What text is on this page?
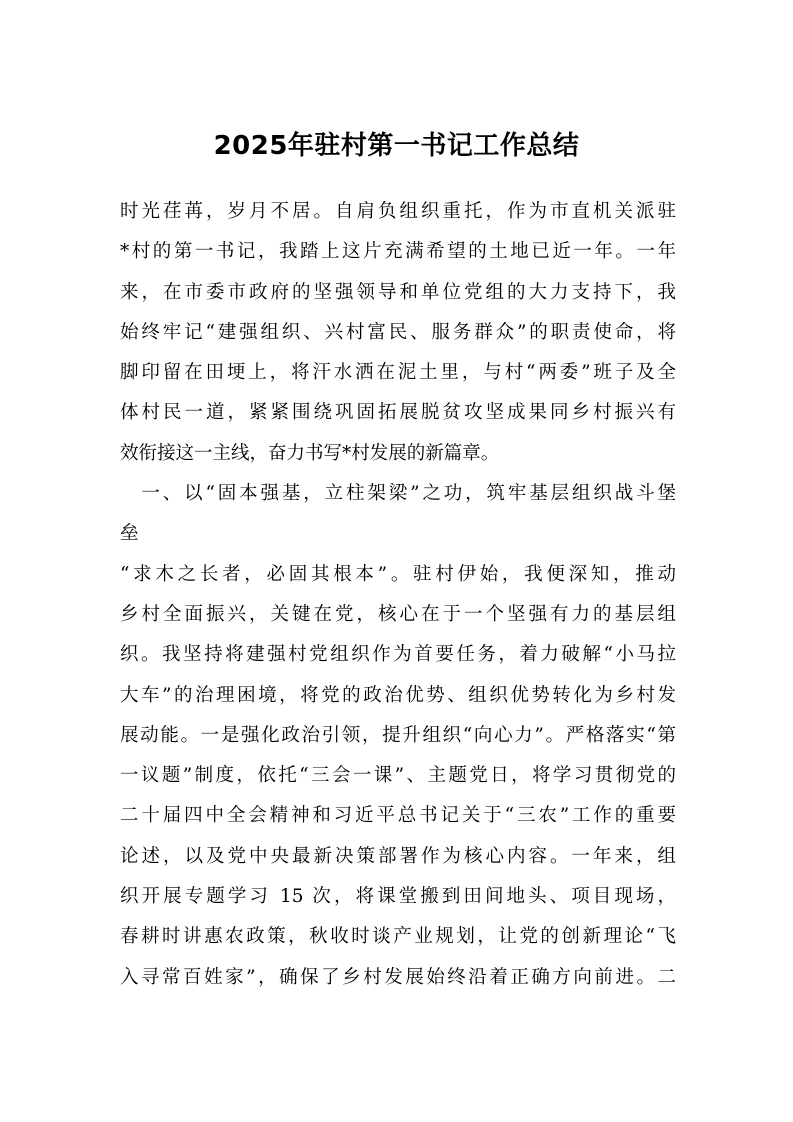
2025年驻村第一书记工作总结
时光荏苒，岁月不居。自肩负组织重托，作为市直机关派驻
*村的第一书记，我踏上这片充满希望的土地已近一年。一年
来，在市委市政府的坚强领导和单位党组的大力支持下，我
始终牢记“建强组织、兴村富民、服务群众”的职责使命，将
脚印留在田埂上，将汗水洒在泥土里，与村“两委”班子及全
体村民一道，紧紧围绕巩固拓展脱贫攻坚成果同乡村振兴有
效衔接这一主线，奋力书写*村发展的新篇章。
　一、以“固本强基，立柱架梁”之功，筑牢基层组织战斗堡
垒
“求木之长者，必固其根本”。驻村伊始，我便深知，推动
乡村全面振兴，关键在党，核心在于一个坚强有力的基层组
织。我坚持将建强村党组织作为首要任务，着力破解“小马拉
大车”的治理困境，将党的政治优势、组织优势转化为乡村发
展动能。一是强化政治引领，提升组织“向心力”。严格落实“第
一议题”制度，依托“三会一课”、主题党日，将学习贯彻党的
二十届四中全会精神和习近平总书记关于“三农”工作的重要
论述，以及党中央最新决策部署作为核心内容。一年来，组
织开展专题学习 15 次，将课堂搬到田间地头、项目现场，
春耕时讲惠农政策，秋收时谈产业规划，让党的创新理论“飞
入寻常百姓家”，确保了乡村发展始终沿着正确方向前进。二
